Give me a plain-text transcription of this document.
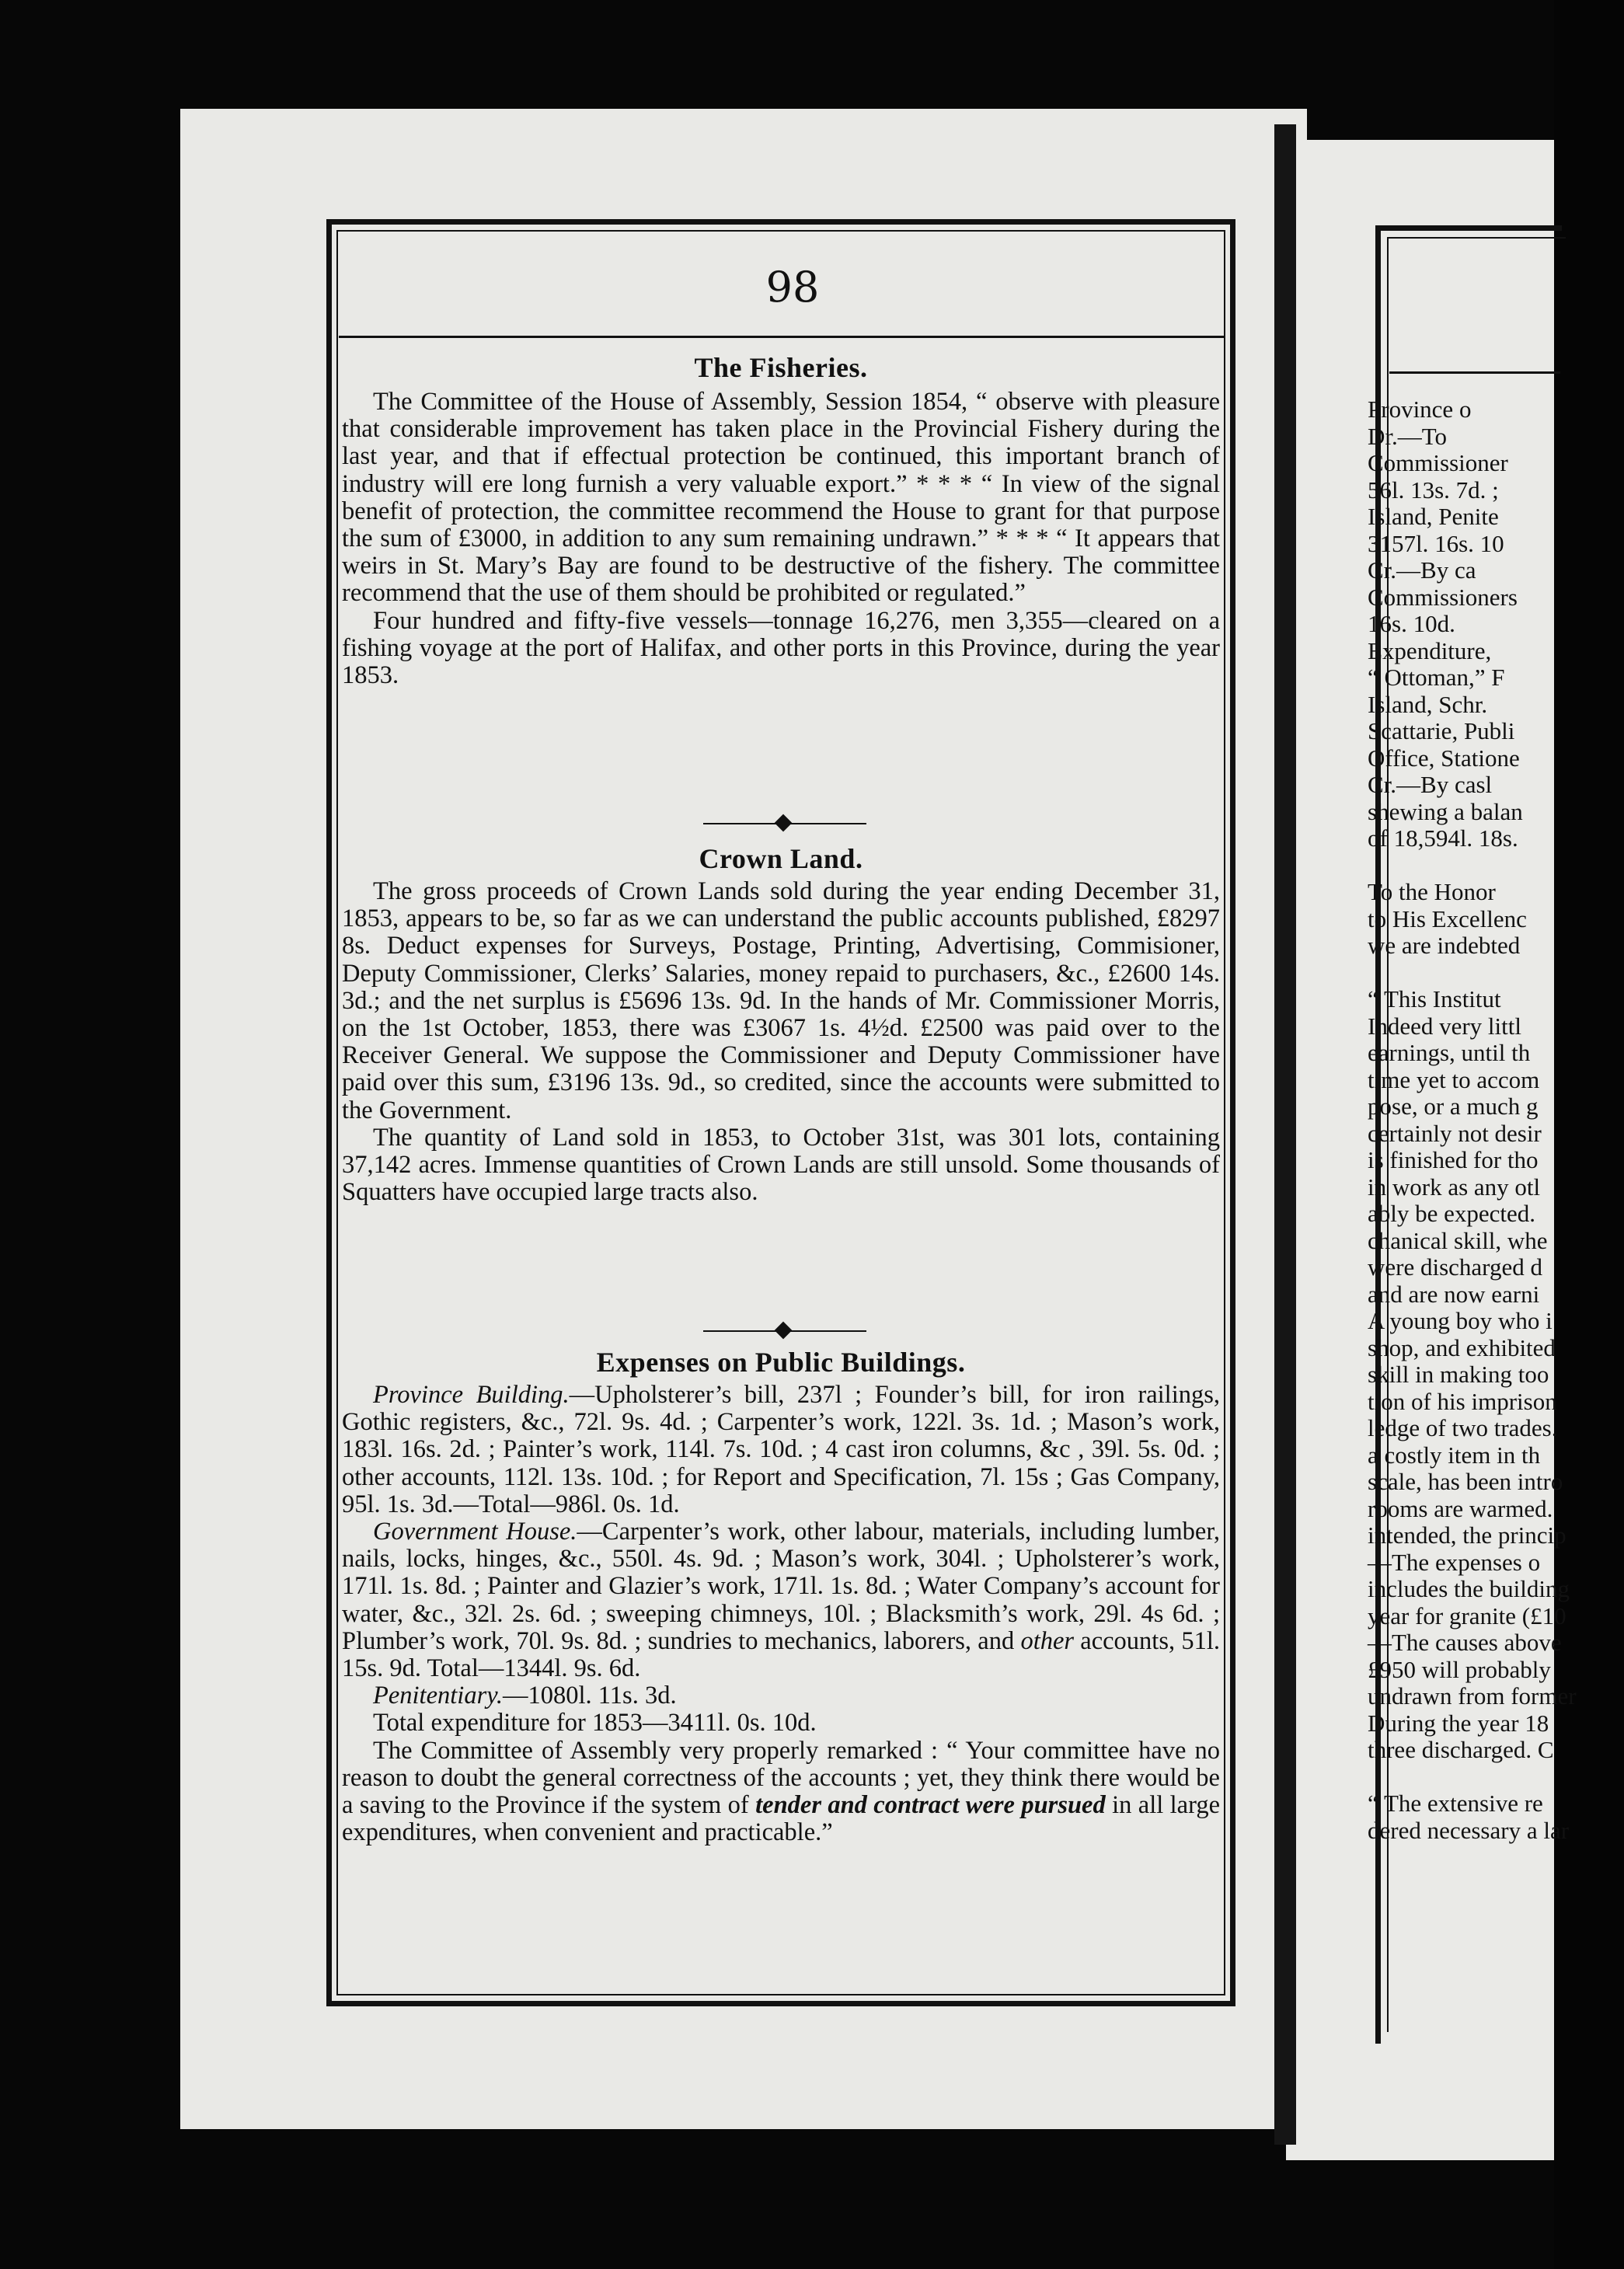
98
The Fisheries.

The Committee of the House of Assembly, Session 1854, “ observe with pleasure that considerable improvement has taken place in the Provincial Fishery during the last year, and that if effectual protection be continued, this important branch of industry will ere long furnish a very valuable export.” * * * “ In view of the signal benefit of protection, the committee recommend the House to grant for that purpose the sum of £3000, in addition to any sum remaining undrawn.” * * * “ It appears that weirs in St. Mary’s Bay are found to be destructive of the fishery. The committee recommend that the use of them should be prohibited or regulated.”

Four hundred and fifty-five vessels—tonnage 16,276, men 3,355—cleared on a fishing voyage at the port of Halifax, and other ports in this Province, during the year 1853.

Crown Land.

The gross proceeds of Crown Lands sold during the year ending December 31, 1853, appears to be, so far as we can understand the public accounts published, £8297 8s. Deduct expenses for Surveys, Postage, Printing, Advertising, Commisioner, Deputy Commissioner, Clerks’ Salaries, money repaid to purchasers, &c., £2600 14s. 3d.; and the net surplus is £5696 13s. 9d. In the hands of Mr. Commissioner Morris, on the 1st October, 1853, there was £3067 1s. 4½d. £2500 was paid over to the Receiver General. We suppose the Commissioner and Deputy Commissioner have paid over this sum, £3196 13s. 9d., so credited, since the accounts were submitted to the Government.

The quantity of Land sold in 1853, to October 31st, was 301 lots, containing 37,142 acres. Immense quantities of Crown Lands are still unsold. Some thousands of Squatters have occupied large tracts also.

Expenses on Public Buildings.

Province Building.—Upholsterer’s bill, 237l ; Founder’s bill, for iron railings, Gothic registers, &c., 72l. 9s. 4d. ; Carpenter’s work, 122l. 3s. 1d. ; Mason’s work, 183l. 16s. 2d. ; Painter’s work, 114l. 7s. 10d. ; 4 cast iron columns, &c , 39l. 5s. 0d. ; other accounts, 112l. 13s. 10d. ; for Report and Specification, 7l. 15s ; Gas Company, 95l. 1s. 3d.—Total—986l. 0s. 1d.

Government House.—Carpenter’s work, other labour, materials, including lumber, nails, locks, hinges, &c., 550l. 4s. 9d. ; Mason’s work, 304l. ; Upholsterer’s work, 171l. 1s. 8d. ; Painter and Glazier’s work, 171l. 1s. 8d. ; Water Company’s account for water, &c., 32l. 2s. 6d. ; sweeping chimneys, 10l. ; Blacksmith’s work, 29l. 4s 6d. ; Plumber’s work, 70l. 9s. 8d. ; sundries to mechanics, laborers, and other accounts, 51l. 15s. 9d. Total—1344l. 9s. 6d.

Penitentiary.—1080l. 11s. 3d.

Total expenditure for 1853—3411l. 0s. 10d.

The Committee of Assembly very properly remarked : “ Your committee have no reason to doubt the general correctness of the accounts ; yet, they think there would be a saving to the Province if the system of tender and contract were pursued in all large expenditures, when convenient and practicable.”

Province o
Dr.—To
Commissioner
56l. 13s. 7d. ;
Island, Penite
3157l. 16s. 10
Cr.—By ca
Commissioners
16s. 10d.
Expenditure,
“ Ottoman,” F
Island, Schr.
Scattarie, Publi
Office, Statione
Cr.—By casl
shewing a balan
of 18,594l. 18s.

To the Honor
to His Excellenc
we are indebted

“ This Institut
Indeed very littl
earnings, until th
time yet to accom
pose, or a much g
certainly not desir
is finished for tho
in work as any otl
ably be expected.
chanical skill, whe
were discharged d
and are now earni
A young boy who i
shop, and exhibited
skill in making too
tion of his imprison
ledge of two trades.
a costly item in th
scale, has been intro
rooms are warmed.
intended, the princip
—The expenses o
includes the building
year for granite (£10
—The causes above
£950 will probably
undrawn from former
During the year 18
three discharged. C

“ The extensive re
dered necessary a lar
